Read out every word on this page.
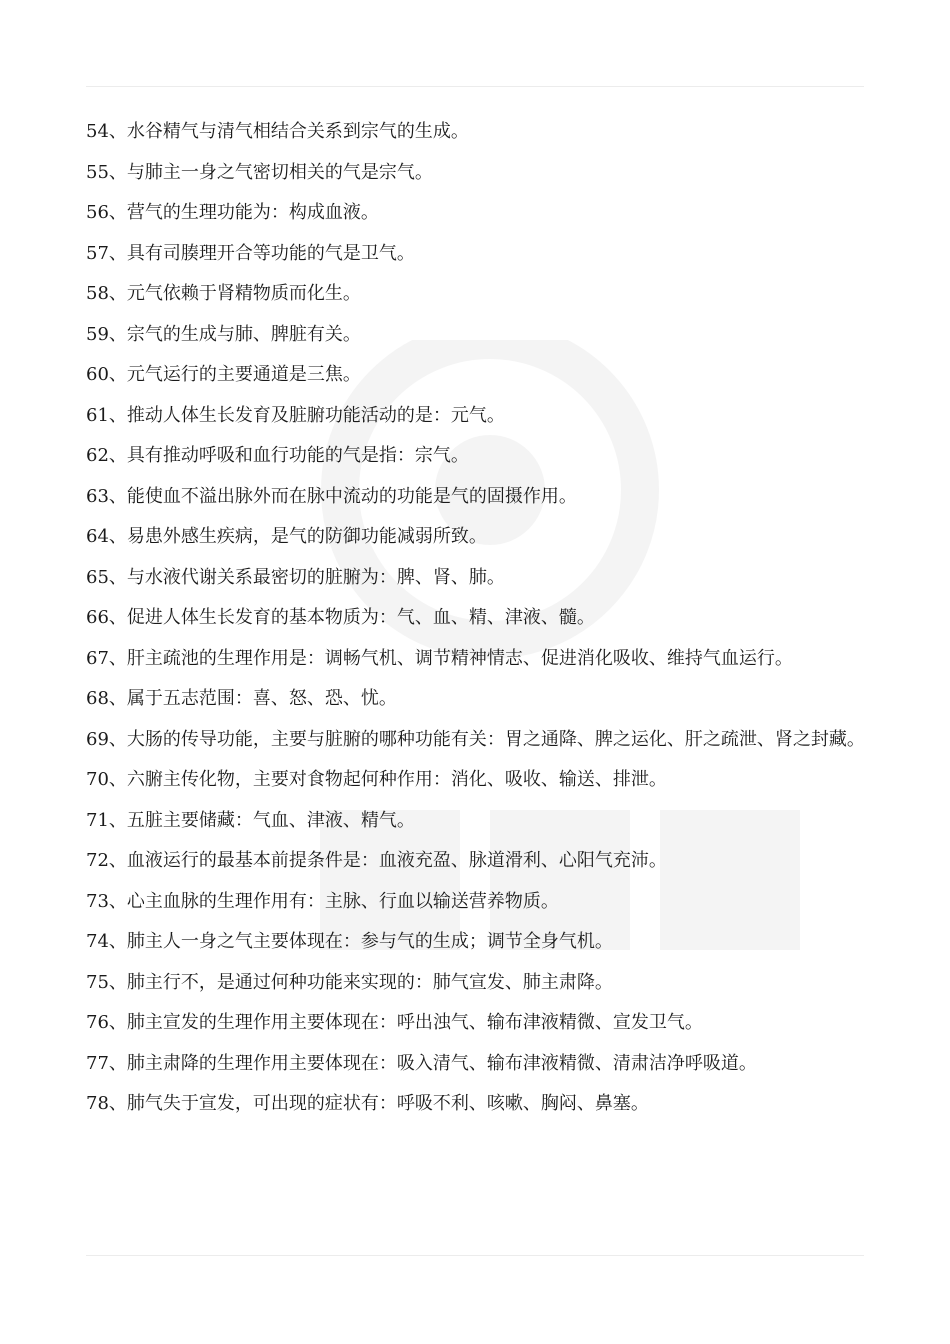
54、水谷精气与清气相结合关系到宗气的生成。
55、与肺主一身之气密切相关的气是宗气。
56、营气的生理功能为：构成血液。
57、具有司腠理开合等功能的气是卫气。
58、元气依赖于肾精物质而化生。
59、宗气的生成与肺、脾脏有关。
60、元气运行的主要通道是三焦。
61、推动人体生长发育及脏腑功能活动的是：元气。
62、具有推动呼吸和血行功能的气是指：宗气。
63、能使血不溢出脉外而在脉中流动的功能是气的固摄作用。
64、易患外感生疾病，是气的防御功能减弱所致。
65、与水液代谢关系最密切的脏腑为：脾、肾、肺。
66、促进人体生长发育的基本物质为：气、血、精、津液、髓。
67、肝主疏池的生理作用是：调畅气机、调节精神情志、促进消化吸收、维持气血运行。
68、属于五志范围：喜、怒、恐、忧。
69、大肠的传导功能，主要与脏腑的哪种功能有关：胃之通降、脾之运化、肝之疏泄、肾之封藏。
70、六腑主传化物，主要对食物起何种作用：消化、吸收、输送、排泄。
71、五脏主要储藏：气血、津液、精气。
72、血液运行的最基本前提条件是：血液充盈、脉道滑利、心阳气充沛。
73、心主血脉的生理作用有：主脉、行血以输送营养物质。
74、肺主人一身之气主要体现在：参与气的生成；调节全身气机。
75、肺主行不，是通过何种功能来实现的：肺气宣发、肺主肃降。
76、肺主宣发的生理作用主要体现在：呼出浊气、输布津液精微、宣发卫气。
77、肺主肃降的生理作用主要体现在：吸入清气、输布津液精微、清肃洁净呼吸道。
78、肺气失于宣发，可出现的症状有：呼吸不利、咳嗽、胸闷、鼻塞。
